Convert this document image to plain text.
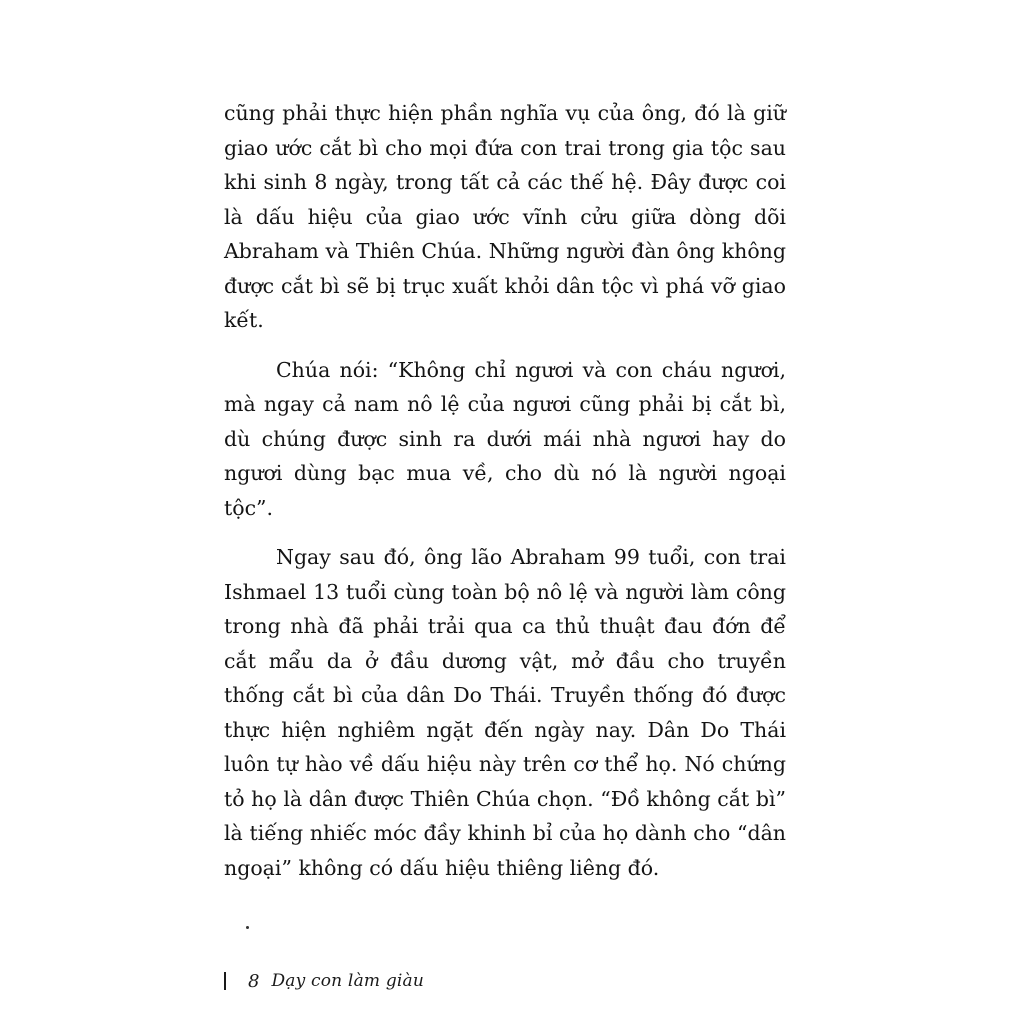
cũng phải thực hiện phần nghĩa vụ của ông, đó là giữ giao ước cắt bì cho mọi đứa con trai trong gia tộc sau khi sinh 8 ngày, trong tất cả các thế hệ. Đây được coi là dấu hiệu của giao ước vĩnh cửu giữa dòng dõi Abraham và Thiên Chúa. Những người đàn ông không được cắt bì sẽ bị trục xuất khỏi dân tộc vì phá vỡ giao kết.

Chúa nói: “Không chỉ ngươi và con cháu ngươi, mà ngay cả nam nô lệ của ngươi cũng phải bị cắt bì, dù chúng được sinh ra dưới mái nhà ngươi hay do ngươi dùng bạc mua về, cho dù nó là người ngoại tộc”.

Ngay sau đó, ông lão Abraham 99 tuổi, con trai Ishmael 13 tuổi cùng toàn bộ nô lệ và người làm công trong nhà đã phải trải qua ca thủ thuật đau đớn để cắt mẩu da ở đầu dương vật, mở đầu cho truyền thống cắt bì của dân Do Thái. Truyền thống đó được thực hiện nghiêm ngặt đến ngày nay. Dân Do Thái luôn tự hào về dấu hiệu này trên cơ thể họ. Nó chứng tỏ họ là dân được Thiên Chúa chọn. “Đồ không cắt bì” là tiếng nhiếc móc đầy khinh bỉ của họ dành cho “dân ngoại” không có dấu hiệu thiêng liêng đó.

8 Dạy con làm giàu
